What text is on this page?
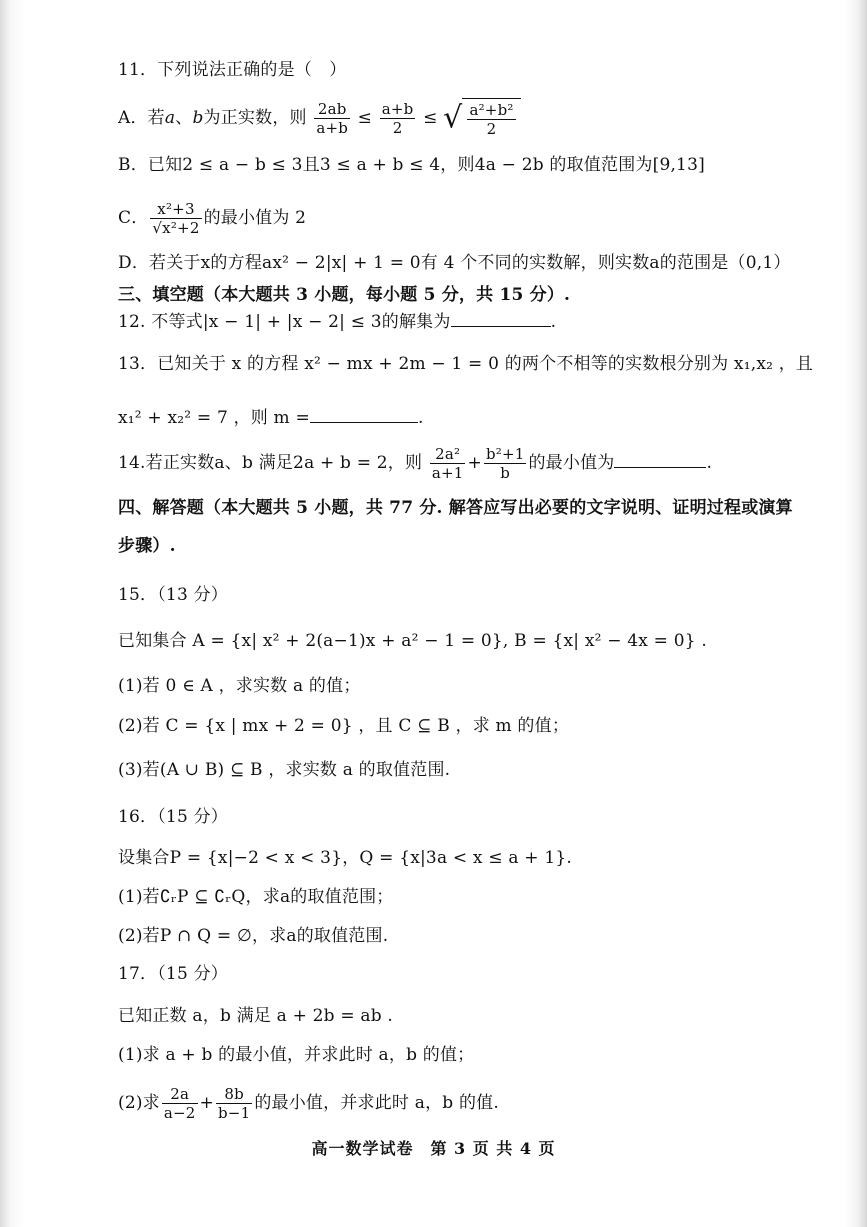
11．下列说法正确的是（　）
A．若a、b为正实数，则 $\frac{2ab}{a+b} \le \frac{a+b}{2}$ ≤ √ $\frac{\text{a²+b²}}{2}$
B．已知2 ≤ a − b ≤ 3且3 ≤ a + b ≤ 4，则4a − 2b 的取值范围为[9,13]
C． $\frac{\text{x²+3}}{\text{√x²+2}}$ 的最小值为 2
D．若关于x的方程ax² − 2|x| + 1 = 0有 4 个不同的实数解，则实数a的范围是（0,1）
三、填空题（本大题共 3 小题，每小题 5 分，共 15 分）.
12. 不等式|x − 1| + |x − 2| ≤ 3的解集为	.
13．已知关于 x 的方程 x² − mx + 2m − 1 = 0 的两个不相等的实数根分别为 x₁,x₂ ，且
x₁² + x₂² = 7 ，则 m =	.
14.若正实数a、b 满足2a + b = 2，则 $\frac{\text{2a²}}{a+1} + \frac{\text{b²+1}}{b}$ 的最小值为	.
四、解答题（本大题共 5 小题，共 77 分. 解答应写出必要的文字说明、证明过程或演算
步骤）.
15．（13 分）
已知集合 A = {x| x² + 2(a−1)x + a² − 1 = 0}, B = {x| x² − 4x = 0} .
(1)若 0 ∈ A ，求实数 a 的值；
(2)若 C = {x | mx + 2 = 0} ，且 C ⊆ B ，求 m 的值；
(3)若(A ∪ B) ⊆ B ，求实数 a 的取值范围.
16．（15 分）
设集合P = {x|−2 < x < 3}，Q = {x|3a < x ≤ a + 1}.
(1)若∁ᵣP ⊆ ∁ᵣQ，求a的取值范围；
(2)若P ∩ Q = ∅，求a的取值范围.
17．（15 分）
已知正数 a，b 满足 a + 2b = ab .
(1)求 a + b 的最小值，并求此时 a，b 的值；
(2)求 $\frac{2a}{a-2} + \frac{8b}{b-1}$ 的最小值，并求此时 a，b 的值.
高一数学试卷　第 3 页 共 4 页
